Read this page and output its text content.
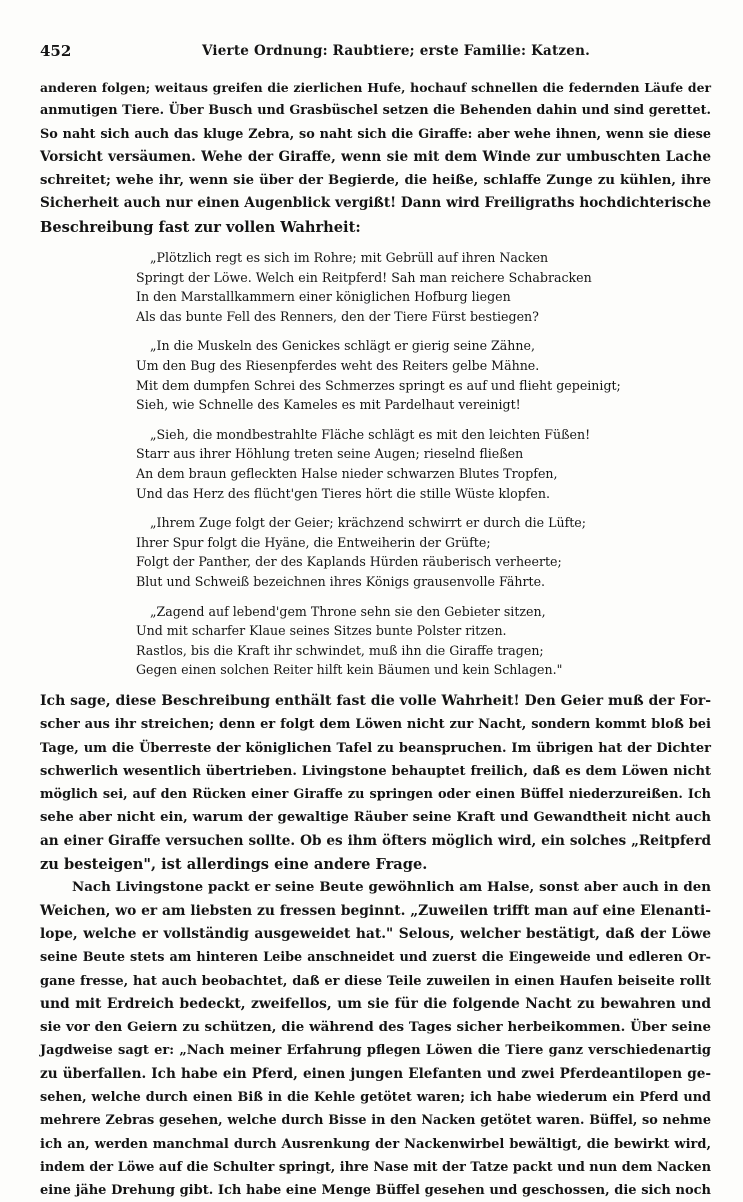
452	Vierte Ordnung: Raubtiere; erste Familie: Katzen.
anderen folgen; weitaus greifen die zierlichen Hufe, hochauf schnellen die federnden Läufe der
anmutigen Tiere. Über Busch und Grasbüschel setzen die Behenden dahin und sind gerettet.
So naht sich auch das kluge Zebra, so naht sich die Giraffe: aber wehe ihnen, wenn sie diese
Vorsicht versäumen. Wehe der Giraffe, wenn sie mit dem Winde zur umbuschten Lache
schreitet; wehe ihr, wenn sie über der Begierde, die heiße, schlaffe Zunge zu kühlen, ihre
Sicherheit auch nur einen Augenblick vergißt! Dann wird Freiligraths hochdichterische
Beschreibung fast zur vollen Wahrheit:
„Plötzlich regt es sich im Rohre; mit Gebrüll auf ihren Nacken
Springt der Löwe. Welch ein Reitpferd! Sah man reichere Schabracken
In den Marstallkammern einer königlichen Hofburg liegen
Als das bunte Fell des Renners, den der Tiere Fürst bestiegen?
„In die Muskeln des Genickes schlägt er gierig seine Zähne,
Um den Bug des Riesenpferdes weht des Reiters gelbe Mähne.
Mit dem dumpfen Schrei des Schmerzes springt es auf und flieht gepeinigt;
Sieh, wie Schnelle des Kameles es mit Pardelhaut vereinigt!
„Sieh, die mondbestrahlte Fläche schlägt es mit den leichten Füßen!
Starr aus ihrer Höhlung treten seine Augen; rieselnd fließen
An dem braun gefleckten Halse nieder schwarzen Blutes Tropfen,
Und das Herz des flücht'gen Tieres hört die stille Wüste klopfen.
„Ihrem Zuge folgt der Geier; krächzend schwirrt er durch die Lüfte;
Ihrer Spur folgt die Hyäne, die Entweiherin der Grüfte;
Folgt der Panther, der des Kaplands Hürden räuberisch verheerte;
Blut und Schweiß bezeichnen ihres Königs grausenvolle Fährte.
„Zagend auf lebend'gem Throne sehn sie den Gebieter sitzen,
Und mit scharfer Klaue seines Sitzes bunte Polster ritzen.
Rastlos, bis die Kraft ihr schwindet, muß ihn die Giraffe tragen;
Gegen einen solchen Reiter hilft kein Bäumen und kein Schlagen."
Ich sage, diese Beschreibung enthält fast die volle Wahrheit! Den Geier muß der For-
scher aus ihr streichen; denn er folgt dem Löwen nicht zur Nacht, sondern kommt bloß bei
Tage, um die Überreste der königlichen Tafel zu beanspruchen. Im übrigen hat der Dichter
schwerlich wesentlich übertrieben. Livingstone behauptet freilich, daß es dem Löwen nicht
möglich sei, auf den Rücken einer Giraffe zu springen oder einen Büffel niederzureißen. Ich
sehe aber nicht ein, warum der gewaltige Räuber seine Kraft und Gewandtheit nicht auch
an einer Giraffe versuchen sollte. Ob es ihm öfters möglich wird, ein solches „Reitpferd
zu besteigen", ist allerdings eine andere Frage.
Nach Livingstone packt er seine Beute gewöhnlich am Halse, sonst aber auch in den
Weichen, wo er am liebsten zu fressen beginnt. „Zuweilen trifft man auf eine Elenanti-
lope, welche er vollständig ausgeweidet hat." Selous, welcher bestätigt, daß der Löwe
seine Beute stets am hinteren Leibe anschneidet und zuerst die Eingeweide und edleren Or-
gane fresse, hat auch beobachtet, daß er diese Teile zuweilen in einen Haufen beiseite rollt
und mit Erdreich bedeckt, zweifellos, um sie für die folgende Nacht zu bewahren und
sie vor den Geiern zu schützen, die während des Tages sicher herbeikommen. Über seine
Jagdweise sagt er: „Nach meiner Erfahrung pflegen Löwen die Tiere ganz verschiedenartig
zu überfallen. Ich habe ein Pferd, einen jungen Elefanten und zwei Pferdeantilopen ge-
sehen, welche durch einen Biß in die Kehle getötet waren; ich habe wiederum ein Pferd und
mehrere Zebras gesehen, welche durch Bisse in den Nacken getötet waren. Büffel, so nehme
ich an, werden manchmal durch Ausrenkung der Nackenwirbel bewältigt, die bewirkt wird,
indem der Löwe auf die Schulter springt, ihre Nase mit der Tatze packt und nun dem Nacken
eine jähe Drehung gibt. Ich habe eine Menge Büffel gesehen und geschossen, die sich noch
